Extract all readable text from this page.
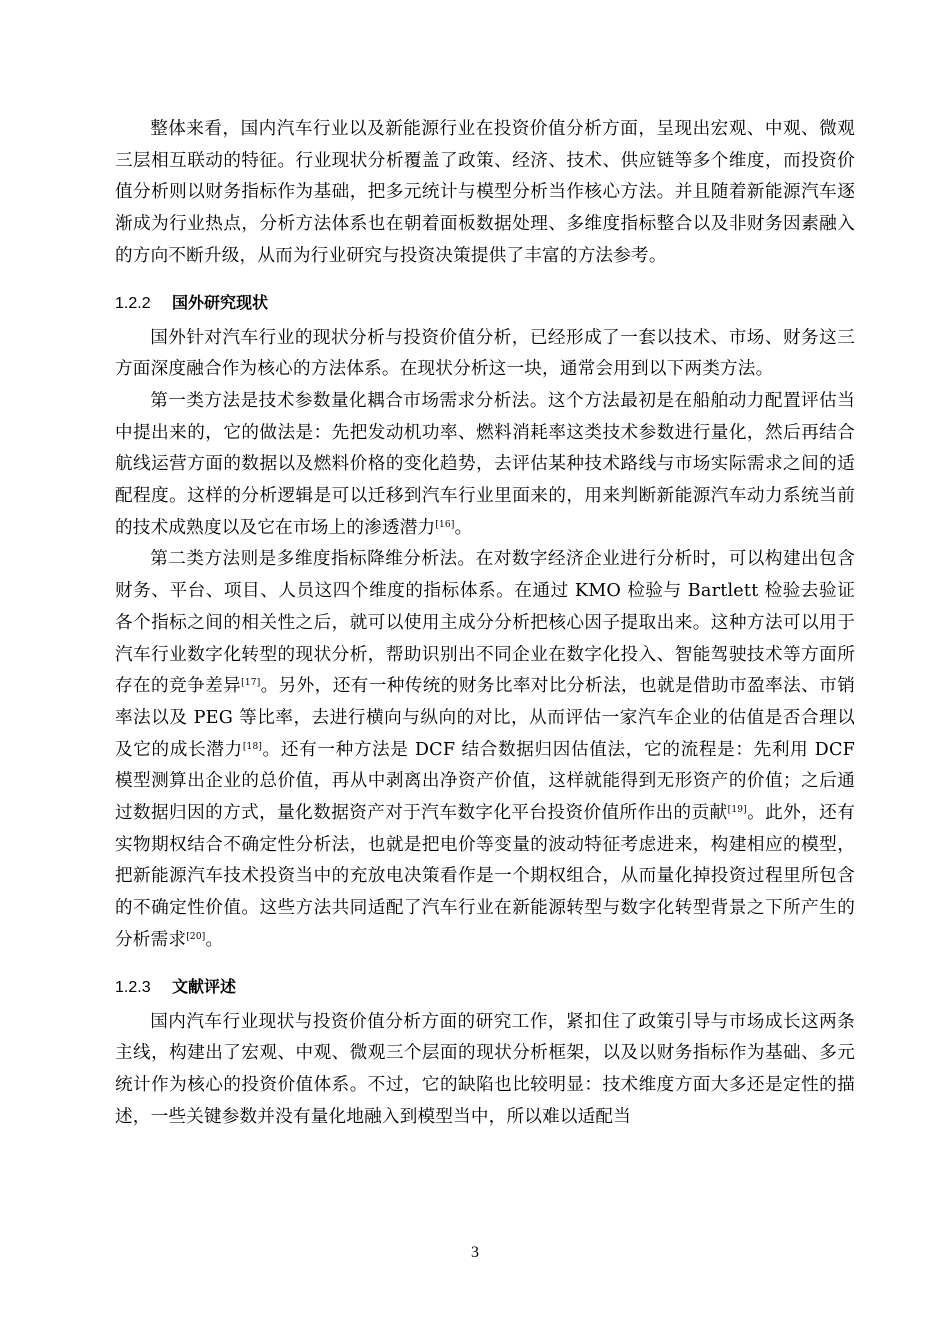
整体来看，国内汽车行业以及新能源行业在投资价值分析方面，呈现出宏观、中观、微观三层相互联动的特征。行业现状分析覆盖了政策、经济、技术、供应链等多个维度，而投资价值分析则以财务指标作为基础，把多元统计与模型分析当作核心方法。并且随着新能源汽车逐渐成为行业热点，分析方法体系也在朝着面板数据处理、多维度指标整合以及非财务因素融入的方向不断升级，从而为行业研究与投资决策提供了丰富的方法参考。

1.2.2	国外研究现状

国外针对汽车行业的现状分析与投资价值分析，已经形成了一套以技术、市场、财务这三方面深度融合作为核心的方法体系。在现状分析这一块，通常会用到以下两类方法。

第一类方法是技术参数量化耦合市场需求分析法。这个方法最初是在船舶动力配置评估当中提出来的，它的做法是：先把发动机功率、燃料消耗率这类技术参数进行量化，然后再结合航线运营方面的数据以及燃料价格的变化趋势，去评估某种技术路线与市场实际需求之间的适配程度。这样的分析逻辑是可以迁移到汽车行业里面来的，用来判断新能源汽车动力系统当前的技术成熟度以及它在市场上的渗透潜力[16]。

第二类方法则是多维度指标降维分析法。在对数字经济企业进行分析时，可以构建出包含财务、平台、项目、人员这四个维度的指标体系。在通过 KMO 检验与 Bartlett 检验去验证各个指标之间的相关性之后，就可以使用主成分分析把核心因子提取出来。这种方法可以用于汽车行业数字化转型的现状分析，帮助识别出不同企业在数字化投入、智能驾驶技术等方面所存在的竞争差异[17]。另外，还有一种传统的财务比率对比分析法，也就是借助市盈率法、市销率法以及 PEG 等比率，去进行横向与纵向的对比，从而评估一家汽车企业的估值是否合理以及它的成长潜力[18]。还有一种方法是 DCF 结合数据归因估值法，它的流程是：先利用 DCF 模型测算出企业的总价值，再从中剥离出净资产价值，这样就能得到无形资产的价值；之后通过数据归因的方式，量化数据资产对于汽车数字化平台投资价值所作出的贡献[19]。此外，还有实物期权结合不确定性分析法，也就是把电价等变量的波动特征考虑进来，构建相应的模型，把新能源汽车技术投资当中的充放电决策看作是一个期权组合，从而量化掉投资过程里所包含的不确定性价值。这些方法共同适配了汽车行业在新能源转型与数字化转型背景之下所产生的分析需求[20]。

1.2.3	文献评述

国内汽车行业现状与投资价值分析方面的研究工作，紧扣住了政策引导与市场成长这两条主线，构建出了宏观、中观、微观三个层面的现状分析框架，以及以财务指标作为基础、多元统计作为核心的投资价值体系。不过，它的缺陷也比较明显：技术维度方面大多还是定性的描述，一些关键参数并没有量化地融入到模型当中，所以难以适配当

3
